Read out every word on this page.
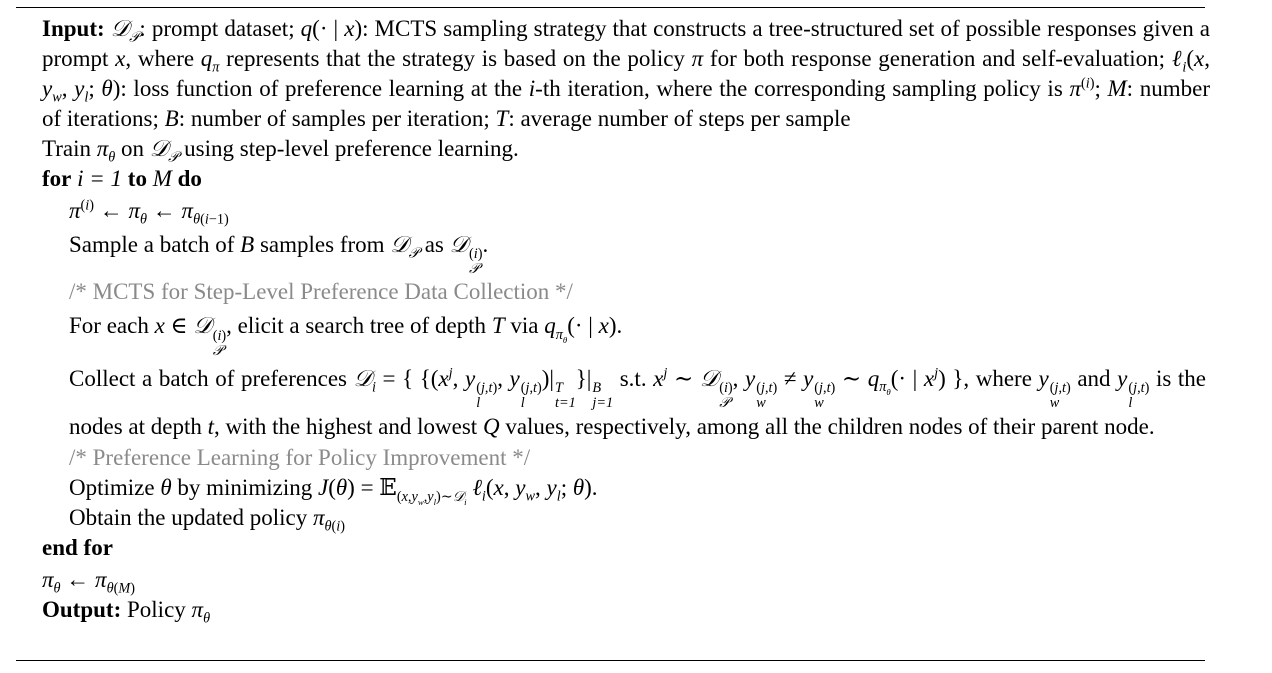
Input: 𝒟$_𝒫$: prompt dataset; q(· | x): MCTS sampling strategy that constructs a tree-structured set of possible responses given a prompt x, where $q_\pi$ represents that the strategy is based on the policy π for both response generation and self-evaluation; ℓ$_i$(x, $y_w$, $y_l$; θ): loss function of preference learning at the i-th iteration, where the corresponding sampling policy is $\pi^{(i)}$; M: number of iterations; B: number of samples per iteration; T: average number of steps per sample
Train $\pi_\theta$ on 𝒟$_𝒫$ using step-level preference learning.
for i = 1 to M do
$\pi^{(i)}$ ← $\pi_\theta$ ← $\pi_{\theta(i-1)}$
Sample a batch of B samples from 𝒟$_𝒫$ as 𝒟 (i)
𝒫
.
/* MCTS for Step-Level Preference Data Collection */
For each x ∈ 𝒟 (i)
𝒫
, elicit a search tree of depth T via $q_{\pi_\theta}(\cdot$ | x).
Collect a batch of preferences 𝒟$_i$ = { {($x^j$, y (j,t)
l
, y (j,t)
l
)| T
t=1
}| B
j=1
s.t. $x^j$ ∼ 𝒟 (i)
𝒫
, y (j,t)
w
≠ y (j,t)
w
∼ $q_{\pi_\theta}(\cdot$ | $x^j$) }, where y (j,t)
w
and y (j,t)
l
is the nodes at depth t, with the highest and lowest Q values, respectively, among all the children nodes of their parent node.
/* Preference Learning for Policy Improvement */
Optimize θ by minimizing J(θ) = 𝔼$_{(x,y_w,y_l)\sim 𝒟_i}$ ℓ$_i$(x, $y_w$, $y_l$; θ).
Obtain the updated policy $\pi_{\theta(i)}$
end for
$\pi_\theta$ ← $\pi_{\theta(M)}$
Output: Policy $\pi_\theta$
